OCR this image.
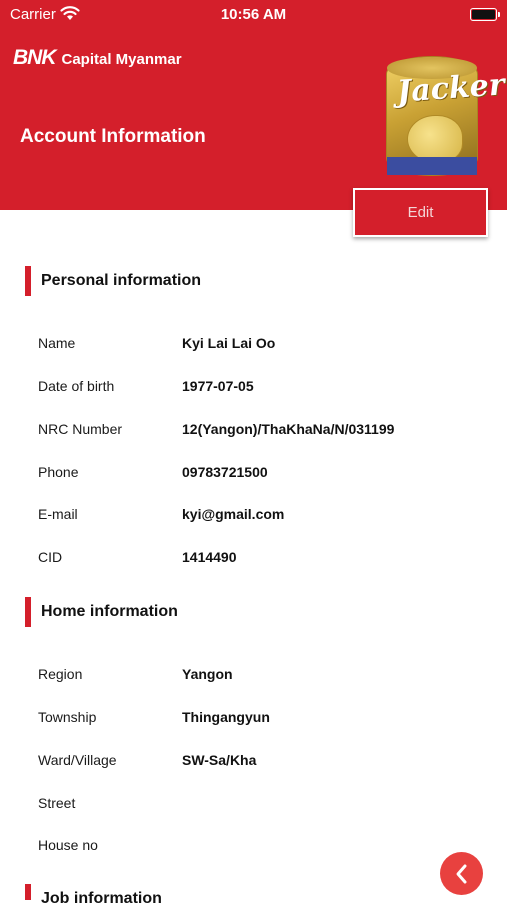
Carrier	10:56 AM
BNK Capital Myanmar
Account Information
Jacker
Edit
Personal information
Name	Kyi Lai Lai Oo
Date of birth	1977-07-05
NRC Number	12(Yangon)/ThaKhaNa/N/031199
Phone	09783721500
E-mail	kyi@gmail.com
CID	1414490
Home information
Region	Yangon
Township	Thingangyun
Ward/Village	SW-Sa/Kha
Street
House no
Job information
